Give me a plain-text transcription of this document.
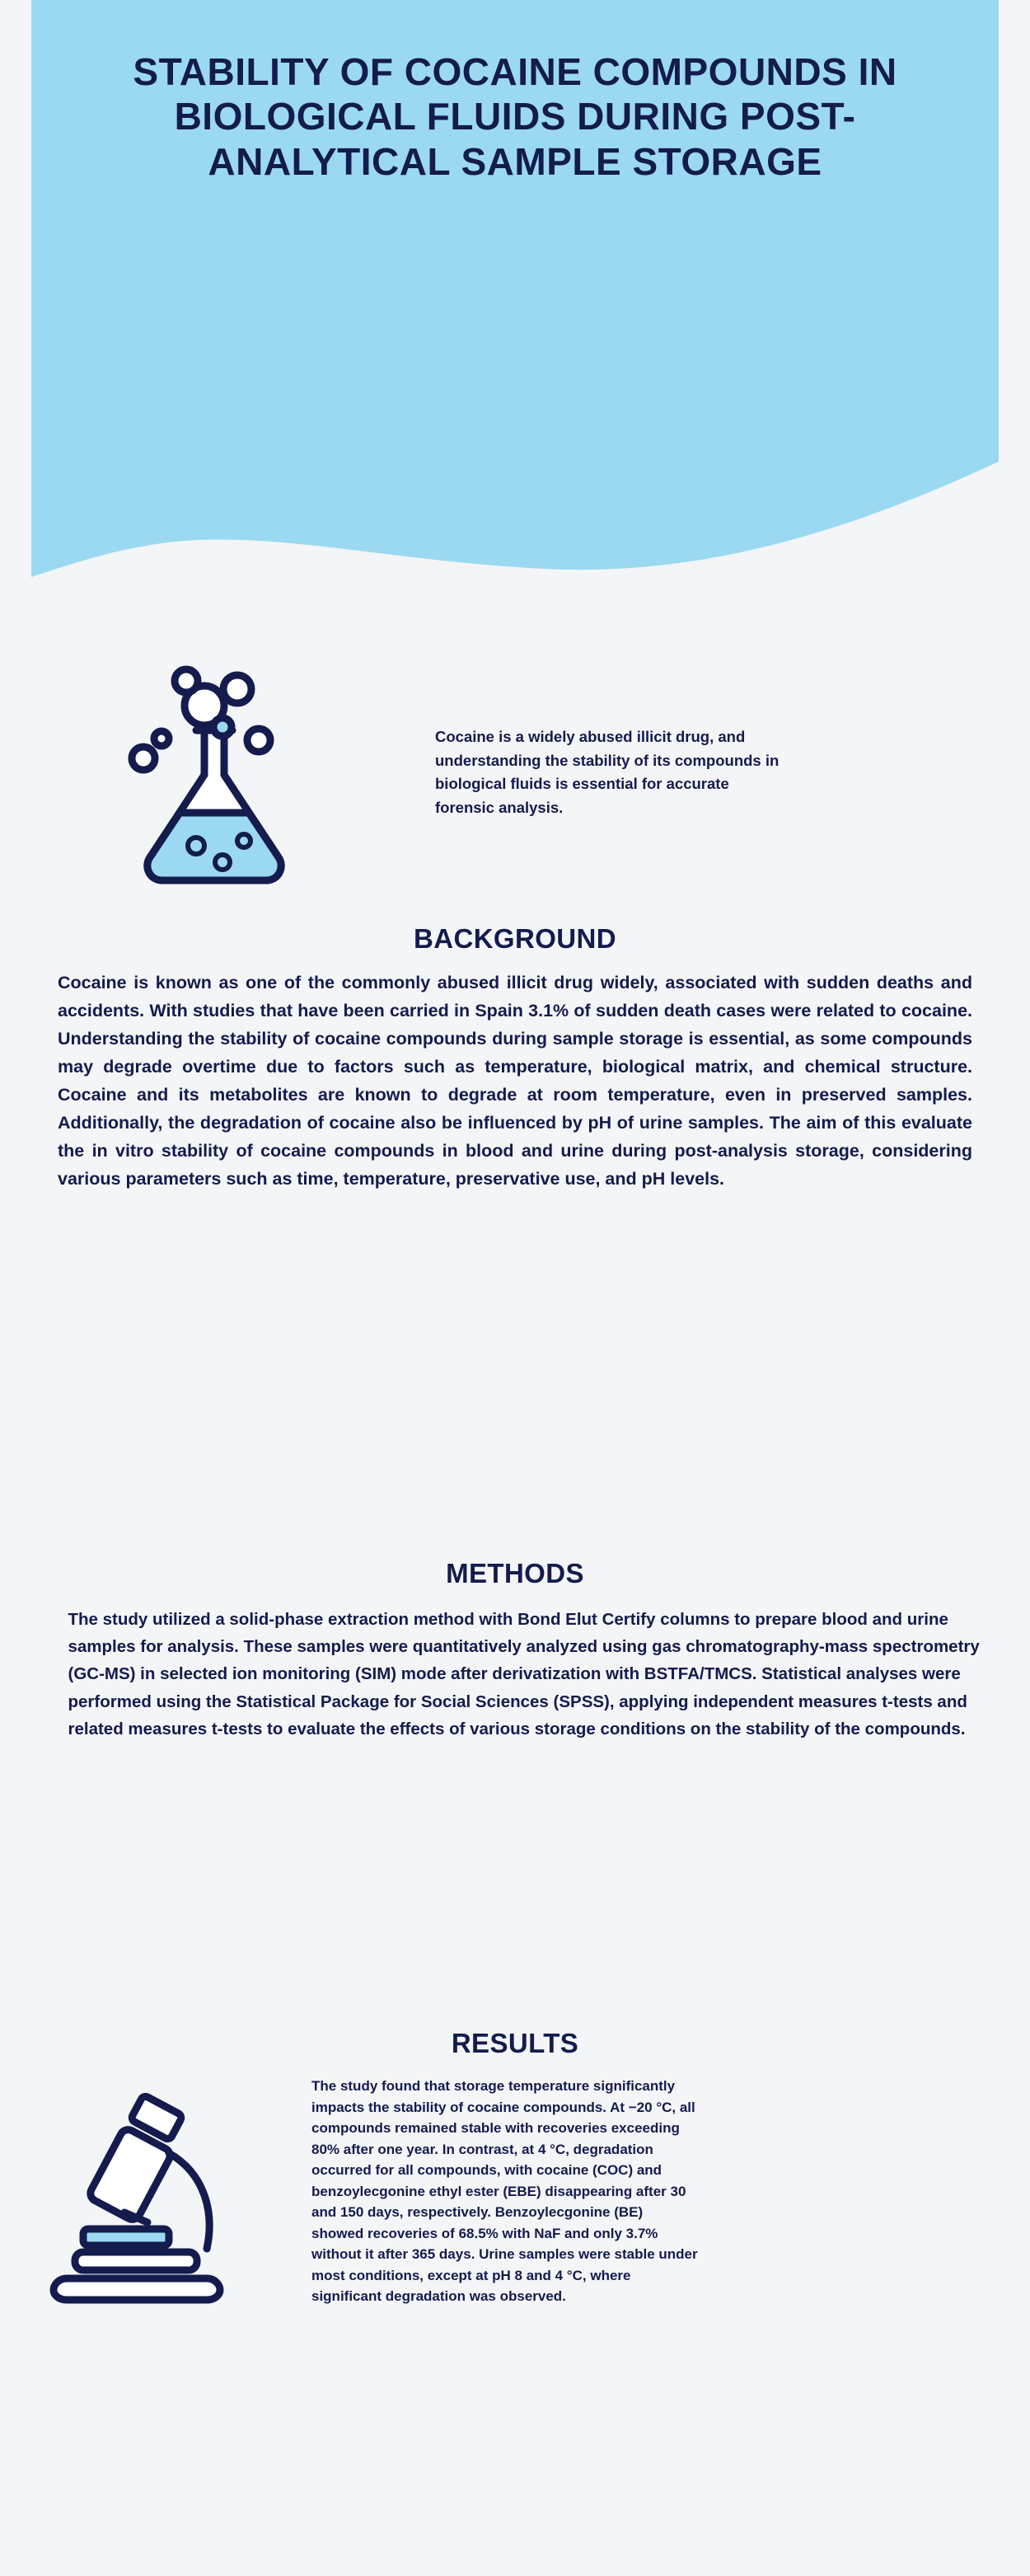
STABILITY OF COCAINE COMPOUNDS IN BIOLOGICAL FLUIDS DURING POST-ANALYTICAL SAMPLE STORAGE
Cocaine is a widely abused illicit drug, and understanding the stability of its compounds in biological fluids is essential for accurate forensic analysis.
BACKGROUND
Cocaine is known as one of the commonly abused illicit drug widely, associated with sudden deaths and accidents. With studies that have been carried in Spain 3.1% of sudden death cases were related to cocaine. Understanding the stability of cocaine compounds during sample storage is essential, as some compounds may degrade overtime due to factors such as temperature, biological matrix, and chemical structure. Cocaine and its metabolites are known to degrade at room temperature, even in preserved samples. Additionally, the degradation of cocaine also be influenced by pH of urine samples. The aim of this evaluate the in vitro stability of cocaine compounds in blood and urine during post-analysis storage, considering various parameters such as time, temperature, preservative use, and pH levels.
METHODS
The study utilized a solid-phase extraction method with Bond Elut Certify columns to prepare blood and urine samples for analysis. These samples were quantitatively analyzed using gas chromatography-mass spectrometry (GC-MS) in selected ion monitoring (SIM) mode after derivatization with BSTFA/TMCS. Statistical analyses were performed using the Statistical Package for Social Sciences (SPSS), applying independent measures t-tests and related measures t-tests to evaluate the effects of various storage conditions on the stability of the compounds.
RESULTS
The study found that storage temperature significantly impacts the stability of cocaine compounds. At −20 °C, all compounds remained stable with recoveries exceeding 80% after one year. In contrast, at 4 °C, degradation occurred for all compounds, with cocaine (COC) and benzoylecgonine ethyl ester (EBE) disappearing after 30 and 150 days, respectively. Benzoylecgonine (BE) showed recoveries of 68.5% with NaF and only 3.7% without it after 365 days. Urine samples were stable under most conditions, except at pH 8 and 4 °C, where significant degradation was observed.
